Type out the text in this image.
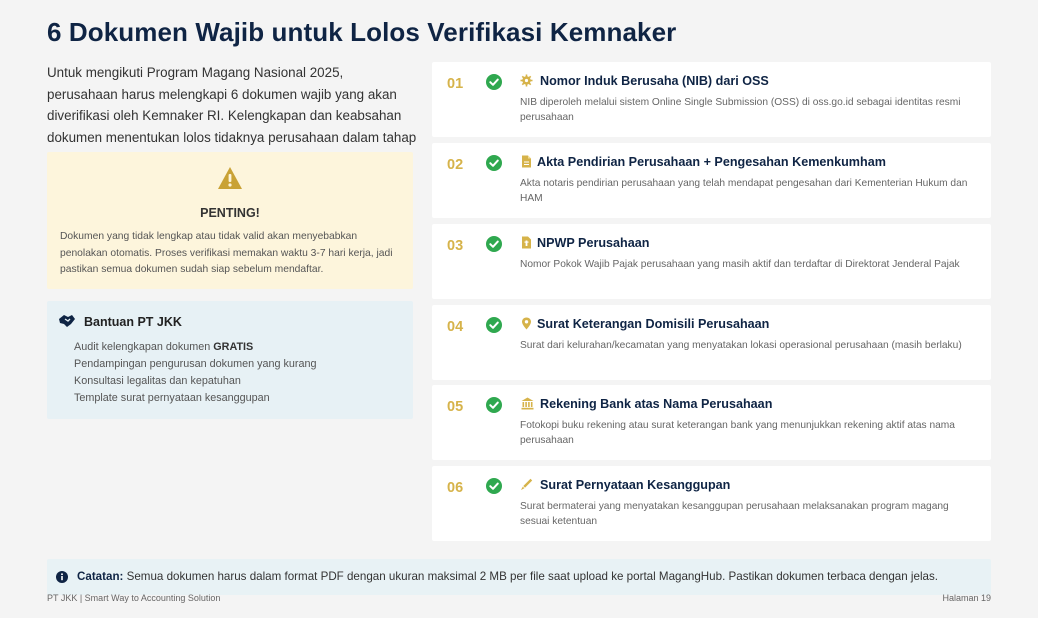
6 Dokumen Wajib untuk Lolos Verifikasi Kemnaker

Untuk mengikuti Program Magang Nasional 2025, perusahaan harus melengkapi 6 dokumen wajib yang akan diverifikasi oleh Kemnaker RI. Kelengkapan dan keabsahan dokumen menentukan lolos tidaknya perusahaan dalam tahap

PENTING!

Dokumen yang tidak lengkap atau tidak valid akan menyebabkan penolakan otomatis. Proses verifikasi memakan waktu 3-7 hari kerja, jadi pastikan semua dokumen sudah siap sebelum mendaftar.

Bantuan PT JKK
Audit kelengkapan dokumen GRATIS
Pendampingan pengurusan dokumen yang kurang
Konsultasi legalitas dan kepatuhan
Template surat pernyataan kesanggupan
01	Nomor Induk Berusaha (NIB) dari OSS

NIB diperoleh melalui sistem Online Single Submission (OSS) di oss.go.id sebagai identitas resmi perusahaan

02	Akta Pendirian Perusahaan + Pengesahan Kemenkumham

Akta notaris pendirian perusahaan yang telah mendapat pengesahan dari Kementerian Hukum dan HAM

03	NPWP Perusahaan

Nomor Pokok Wajib Pajak perusahaan yang masih aktif dan terdaftar di Direktorat Jenderal Pajak

04	Surat Keterangan Domisili Perusahaan

Surat dari kelurahan/kecamatan yang menyatakan lokasi operasional perusahaan (masih berlaku)

05	Rekening Bank atas Nama Perusahaan

Fotokopi buku rekening atau surat keterangan bank yang menunjukkan rekening aktif atas nama perusahaan

06	Surat Pernyataan Kesanggupan

Surat bermaterai yang menyatakan kesanggupan perusahaan melaksanakan program magang sesuai ketentuan

Catatan: Semua dokumen harus dalam format PDF dengan ukuran maksimal 2 MB per file saat upload ke portal MagangHub. Pastikan dokumen terbaca dengan jelas.
PT JKK | Smart Way to Accounting Solution	Halaman 19
